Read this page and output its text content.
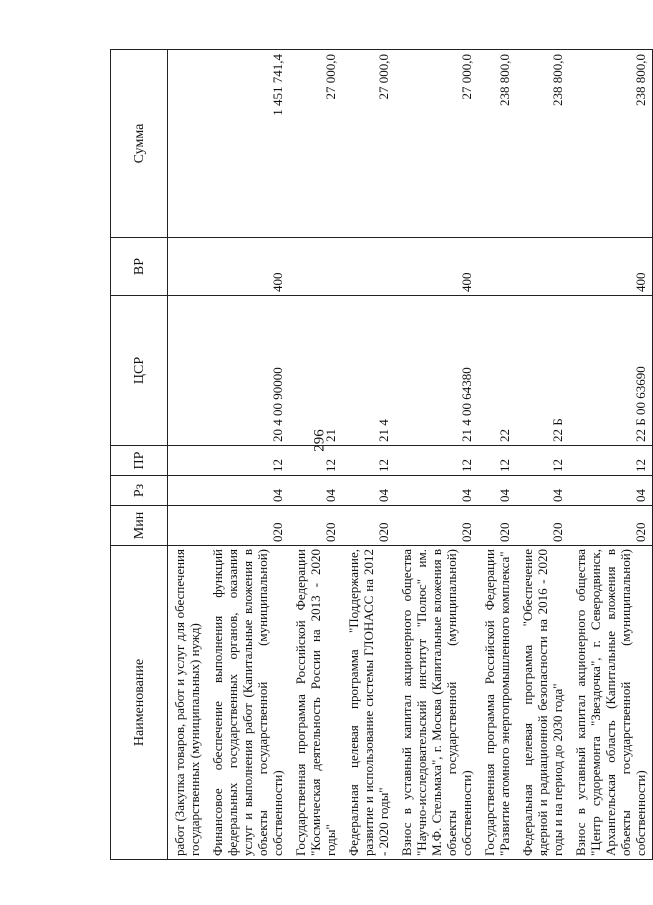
296
Наименование	Мин	Рз	ПР	ЦСР	ВР	Сумма
работ (Закупка товаров, работ и услуг для обеспечения государственных (муниципальных) нужд)						
Финансовое обеспечение выполнения функций федеральных государственных органов, оказания услуг и выполнения работ (Капитальные вложения в объекты государственной (муниципальной) собственности)	020	04	12	20 4 00 90000	400	1 451 741,4
Государственная программа Российской Федерации "Космическая деятельность России на 2013 - 2020 годы"	020	04	12	21		27 000,0
Федеральная целевая программа "Поддержание, развитие и использование системы ГЛОНАСС на 2012 - 2020 годы"	020	04	12	21 4		27 000,0
Взнос в уставный капитал акционерного общества "Научно-исследовательский институт "Полюс" им. М.Ф. Стельмаха", г. Москва (Капитальные вложения в объекты государственной (муниципальной) собственности)	020	04	12	21 4 00 64380	400	27 000,0
Государственная программа Российской Федерации "Развитие атомного энергопромышленного комплекса"	020	04	12	22		238 800,0
Федеральная целевая программа "Обеспечение ядерной и радиационной безопасности на 2016 - 2020 годы и на период до 2030 года"	020	04	12	22 Б		238 800,0
Взнос в уставный капитал акционерного общества "Центр судоремонта "Звездочка", г. Северодвинск, Архангельская область (Капитальные вложения в объекты государственной (муниципальной) собственности)	020	04	12	22 Б 00 63690	400	238 800,0
